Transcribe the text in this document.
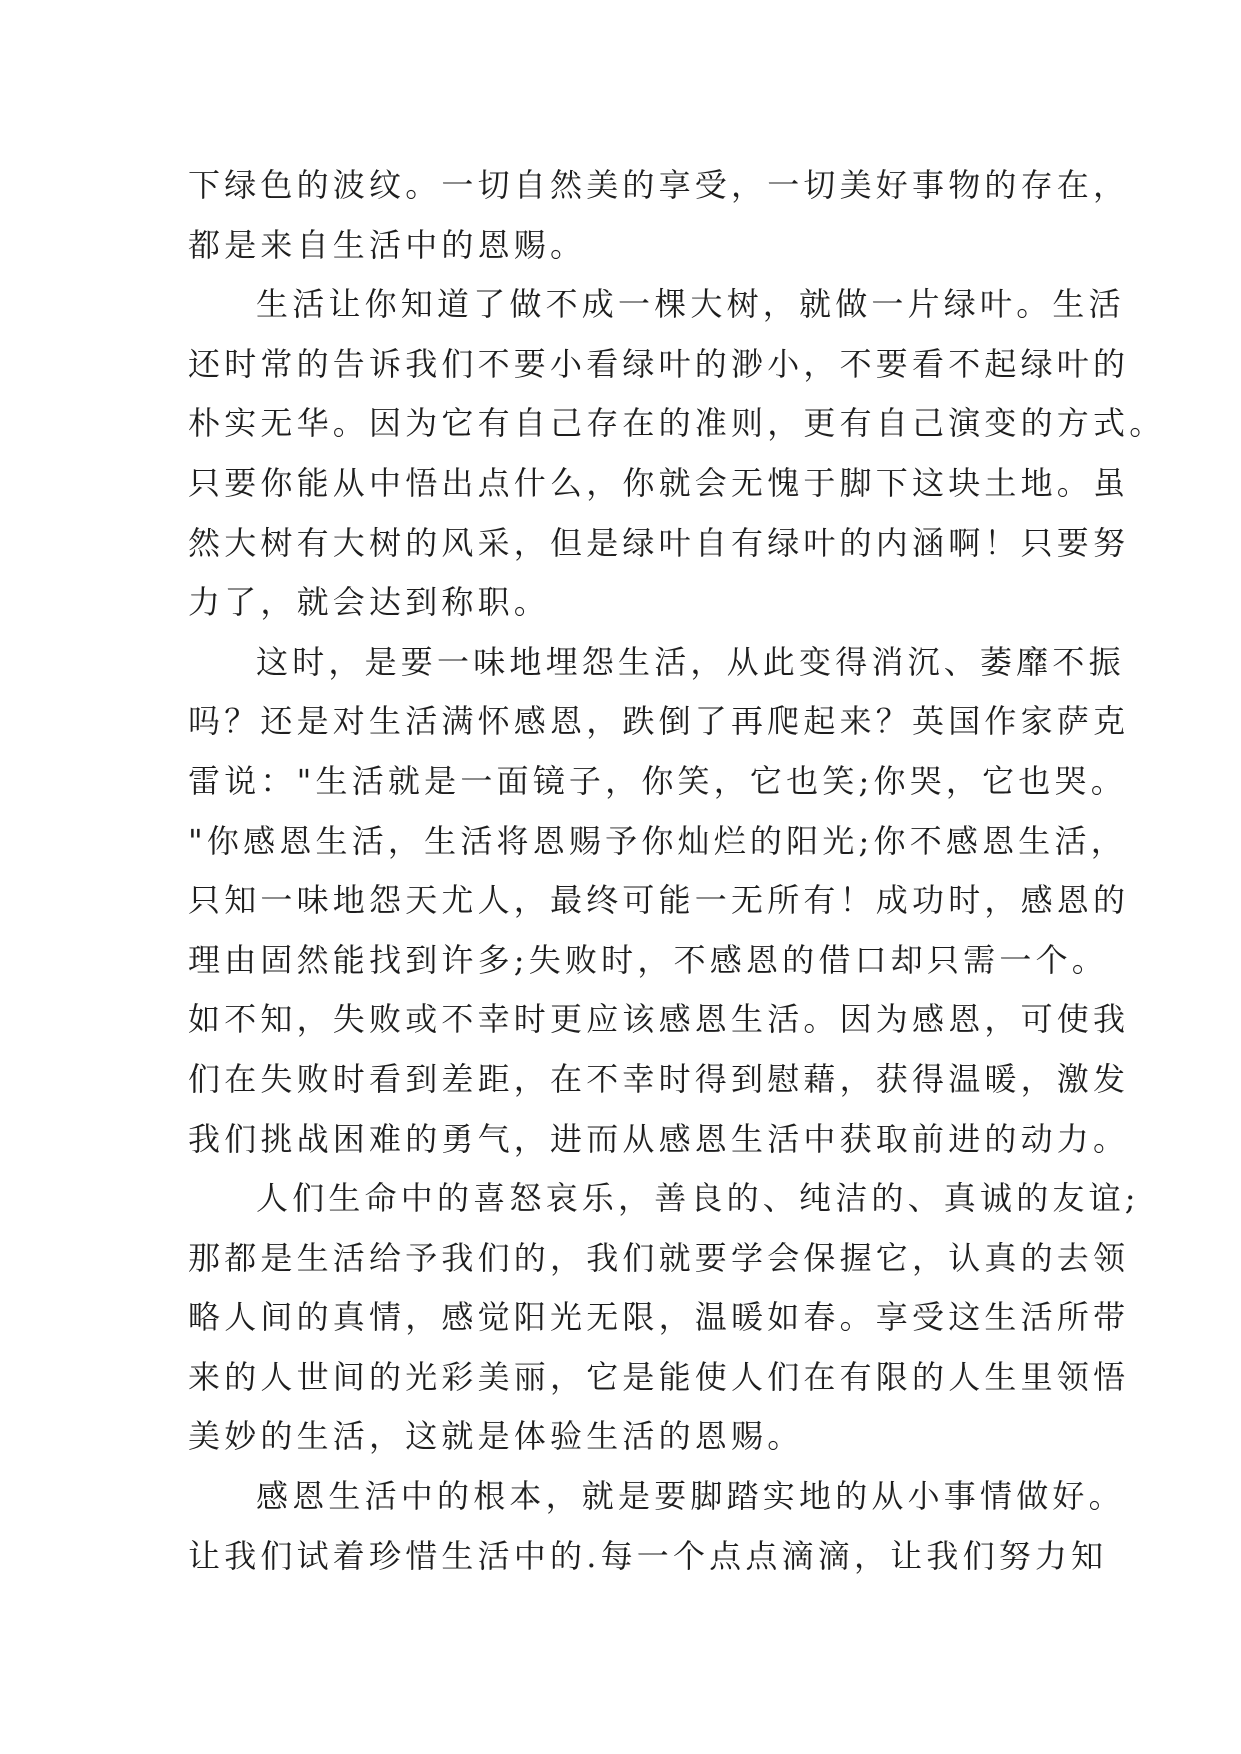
下绿色的波纹。一切自然美的享受，一切美好事物的存在，
都是来自生活中的恩赐。
生活让你知道了做不成一棵大树，就做一片绿叶。生活
还时常的告诉我们不要小看绿叶的渺小，不要看不起绿叶的
朴实无华。因为它有自己存在的准则，更有自己演变的方式。
只要你能从中悟出点什么，你就会无愧于脚下这块土地。虽
然大树有大树的风采，但是绿叶自有绿叶的内涵啊！只要努
力了，就会达到称职。
这时，是要一味地埋怨生活，从此变得消沉、萎靡不振
吗？还是对生活满怀感恩，跌倒了再爬起来？英国作家萨克
雷说："生活就是一面镜子，你笑，它也笑;你哭，它也哭。
"你感恩生活，生活将恩赐予你灿烂的阳光;你不感恩生活，
只知一味地怨天尤人，最终可能一无所有！成功时，感恩的
理由固然能找到许多;失败时，不感恩的借口却只需一个。
如不知，失败或不幸时更应该感恩生活。因为感恩，可使我
们在失败时看到差距，在不幸时得到慰藉，获得温暖，激发
我们挑战困难的勇气，进而从感恩生活中获取前进的动力。
人们生命中的喜怒哀乐，善良的、纯洁的、真诚的友谊;
那都是生活给予我们的，我们就要学会保握它，认真的去领
略人间的真情，感觉阳光无限，温暖如春。享受这生活所带
来的人世间的光彩美丽，它是能使人们在有限的人生里领悟
美妙的生活，这就是体验生活的恩赐。
感恩生活中的根本，就是要脚踏实地的从小事情做好。
让我们试着珍惜生活中的.每一个点点滴滴，让我们努力知
